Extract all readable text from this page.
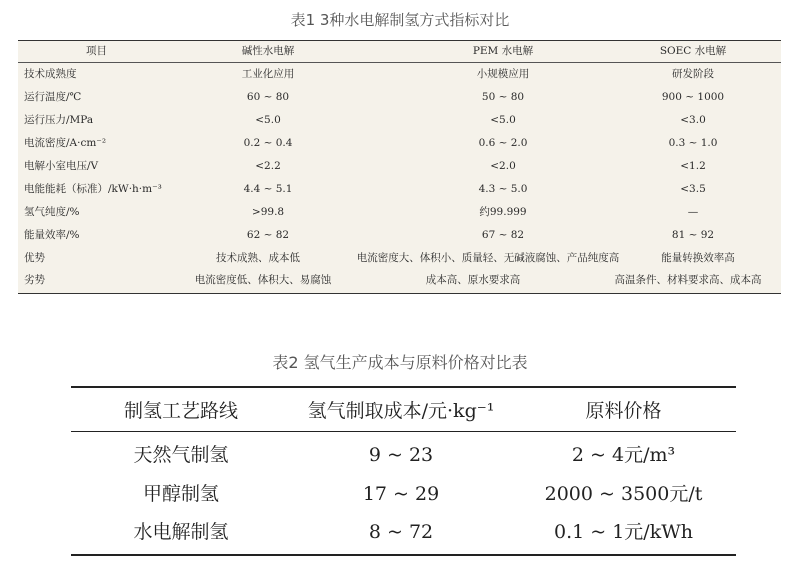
表1 3种水电解制氢方式指标对比
项目	碱性水电解	PEM 水电解	SOEC 水电解
技术成熟度	工业化应用	小规模应用	研发阶段
运行温度/℃	60 ~ 80	50 ~ 80	900 ~ 1000
运行压力/MPa	<5.0	<5.0	<3.0
电流密度/A·cm⁻²	0.2 ~ 0.4	0.6 ~ 2.0	0.3 ~ 1.0
电解小室电压/V	<2.2	<2.0	<1.2
电能能耗（标准）/kW·h·m⁻³	4.4 ~ 5.1	4.3 ~ 5.0	<3.5
氢气纯度/%	>99.8	约99.999	—
能量效率/%	62 ~ 82	67 ~ 82	81 ~ 92
优势	技术成熟、成本低	电流密度大、体积小、质量轻、无碱液腐蚀、产品纯度高	能量转换效率高
劣势	电流密度低、体积大、易腐蚀	成本高、原水要求高	高温条件、材料要求高、成本高
表2 氢气生产成本与原料价格对比表
制氢工艺路线	氢气制取成本/元·kg⁻¹	原料价格
天然气制氢	9 ~ 23	2 ~ 4元/m³
甲醇制氢	17 ~ 29	2000 ~ 3500元/t
水电解制氢	8 ~ 72	0.1 ~ 1元/kWh
